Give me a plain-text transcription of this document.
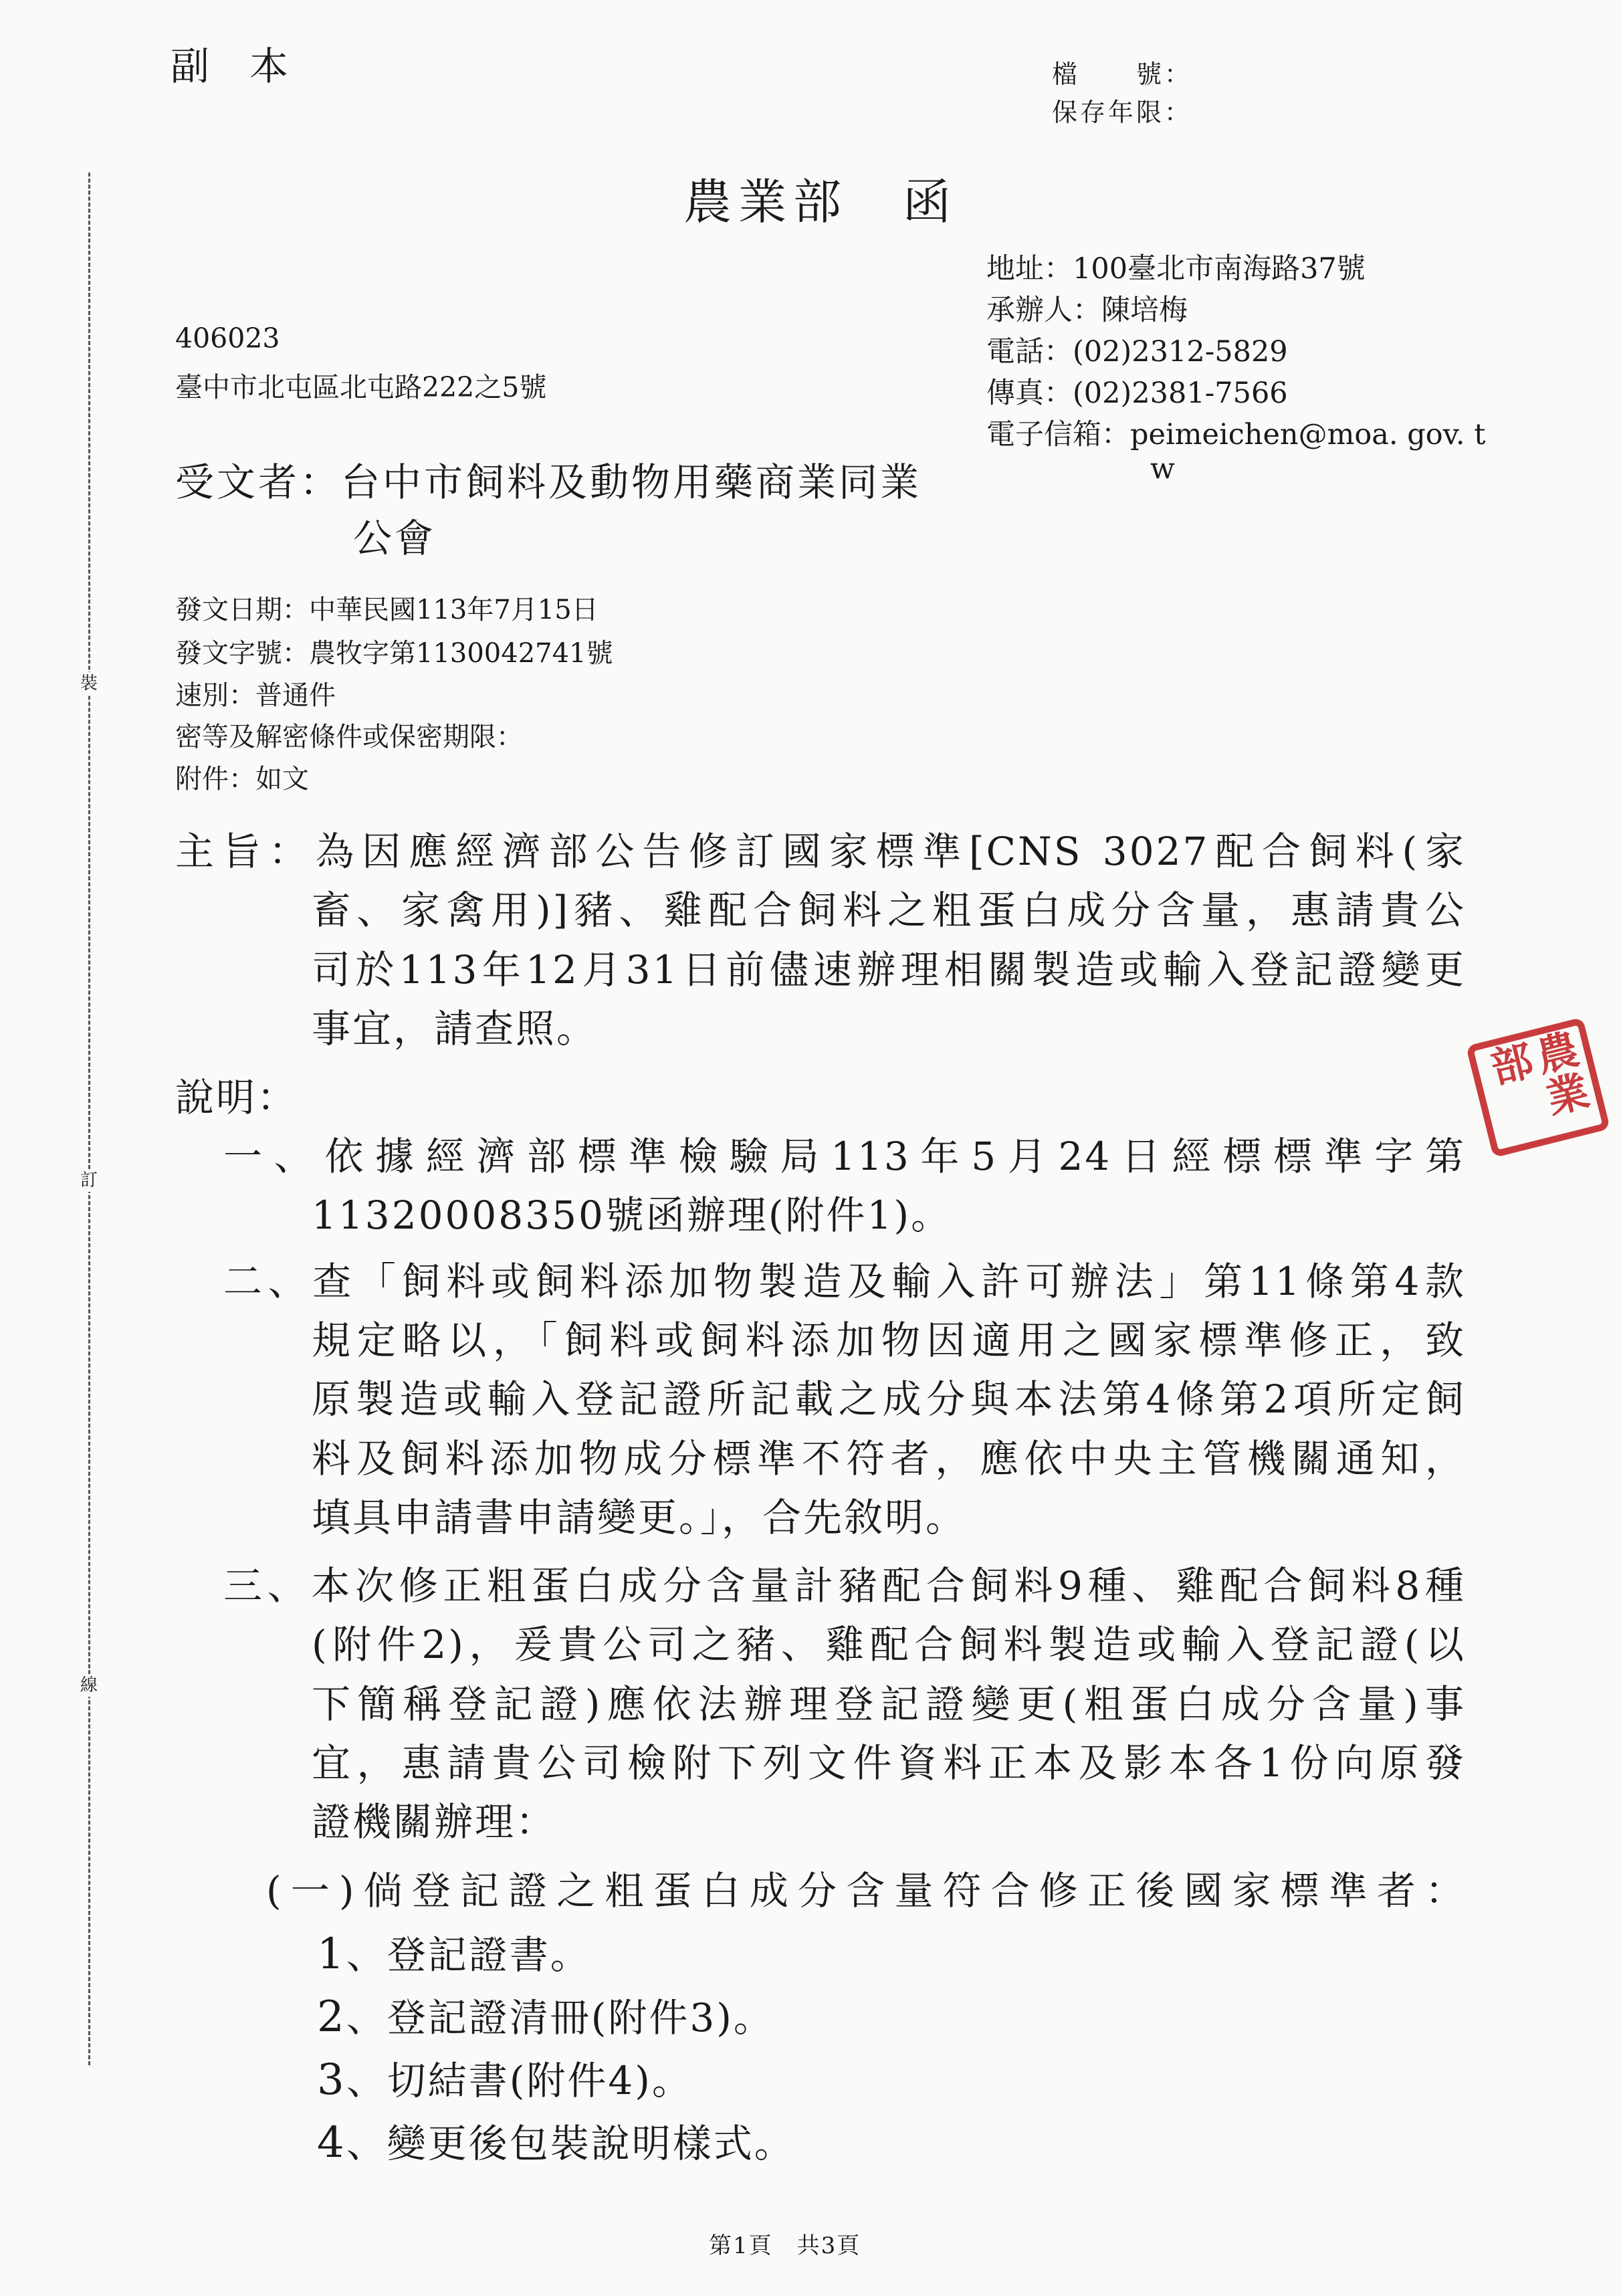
裝
訂
線
副本	檔　　號：
保存年限：
農業部　函
地址：100臺北市南海路37號
承辦人：陳培梅
電話：(02)2312-5829
傳真：(02)2381-7566
電子信箱：peimeichen@moa. gov. t
w
406023
臺中市北屯區北屯路222之5號
受文者：台中市飼料及動物用藥商業同業
公會
發文日期：中華民國113年7月15日
發文字號：農牧字第1130042741號
速別：普通件
密等及解密條件或保密期限：
附件：如文
主旨：為因應經濟部公告修訂國家標準[CNS 3027配合飼料(家
畜、家禽用)]豬、雞配合飼料之粗蛋白成分含量，惠請貴公
司於113年12月31日前儘速辦理相關製造或輸入登記證變更
事宜，請查照。
說明：
一、依據經濟部標準檢驗局113年5月24日經標標準字第
11320008350號函辦理(附件1)。
二、查「飼料或飼料添加物製造及輸入許可辦法」第11條第4款
規定略以，「飼料或飼料添加物因適用之國家標準修正，致
原製造或輸入登記證所記載之成分與本法第4條第2項所定飼
料及飼料添加物成分標準不符者，應依中央主管機關通知，
填具申請書申請變更。」，合先敘明。
三、本次修正粗蛋白成分含量計豬配合飼料9種、雞配合飼料8種
(附件2)，爰貴公司之豬、雞配合飼料製造或輸入登記證(以
下簡稱登記證)應依法辦理登記證變更(粗蛋白成分含量)事
宜，惠請貴公司檢附下列文件資料正本及影本各1份向原發
證機關辦理：
(一)倘登記證之粗蛋白成分含量符合修正後國家標準者：
1、登記證書。
2、登記證清冊(附件3)。
3、切結書(附件4)。
4、變更後包裝說明樣式。
農業部
第1頁　共3頁
